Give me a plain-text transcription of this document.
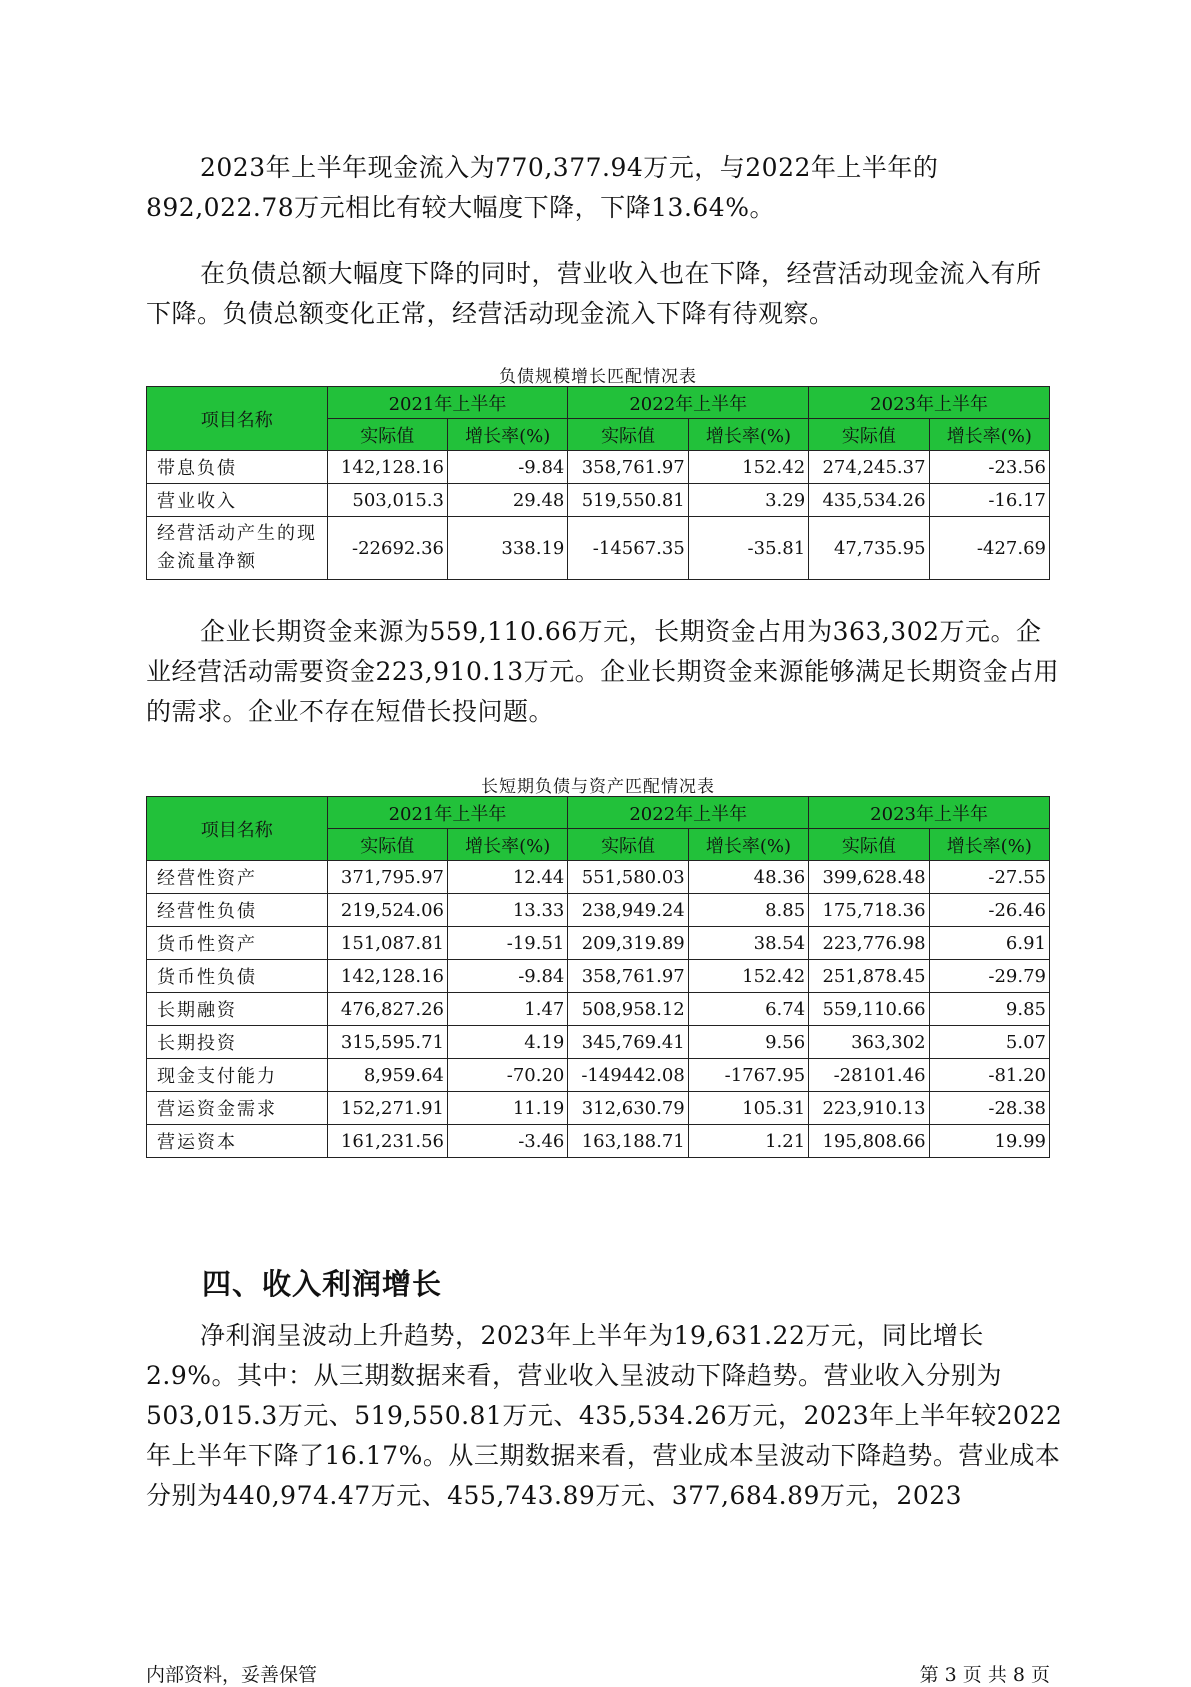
2023年上半年现金流入为770,377.94万元，与2022年上半年的892,022.78万元相比有较大幅度下降，下降13.64%。

在负债总额大幅度下降的同时，营业收入也在下降，经营活动现金流入有所下降。负债总额变化正常，经营活动现金流入下降有待观察。

负债规模增长匹配情况表
项目名称	2021年上半年		2022年上半年		2023年上半年	
	实际值	增长率(%)	实际值	增长率(%)	实际值	增长率(%)
带息负债	142,128.16	-9.84	358,761.97	152.42	274,245.37	-23.56
营业收入	503,015.3	29.48	519,550.81	3.29	435,534.26	-16.17
经营活动产生的现金流量净额	-22692.36	338.19	-14567.35	-35.81	47,735.95	-427.69

企业长期资金来源为559,110.66万元，长期资金占用为363,302万元。企业经营活动需要资金223,910.13万元。企业长期资金来源能够满足长期资金占用的需求。企业不存在短借长投问题。

长短期负债与资产匹配情况表
项目名称	2021年上半年		2022年上半年		2023年上半年	
	实际值	增长率(%)	实际值	增长率(%)	实际值	增长率(%)
经营性资产	371,795.97	12.44	551,580.03	48.36	399,628.48	-27.55
经营性负债	219,524.06	13.33	238,949.24	8.85	175,718.36	-26.46
货币性资产	151,087.81	-19.51	209,319.89	38.54	223,776.98	6.91
货币性负债	142,128.16	-9.84	358,761.97	152.42	251,878.45	-29.79
长期融资	476,827.26	1.47	508,958.12	6.74	559,110.66	9.85
长期投资	315,595.71	4.19	345,769.41	9.56	363,302	5.07
现金支付能力	8,959.64	-70.20	-149442.08	-1767.95	-28101.46	-81.20
营运资金需求	152,271.91	11.19	312,630.79	105.31	223,910.13	-28.38
营运资本	161,231.56	-3.46	163,188.71	1.21	195,808.66	19.99
四、收入利润增长

净利润呈波动上升趋势，2023年上半年为19,631.22万元，同比增长2.9%。其中：从三期数据来看，营业收入呈波动下降趋势。营业收入分别为503,015.3万元、519,550.81万元、435,534.26万元，2023年上半年较2022年上半年下降了16.17%。从三期数据来看，营业成本呈波动下降趋势。营业成本分别为440,974.47万元、455,743.89万元、377,684.89万元，2023

内部资料，妥善保管	第 3 页 共 8 页
